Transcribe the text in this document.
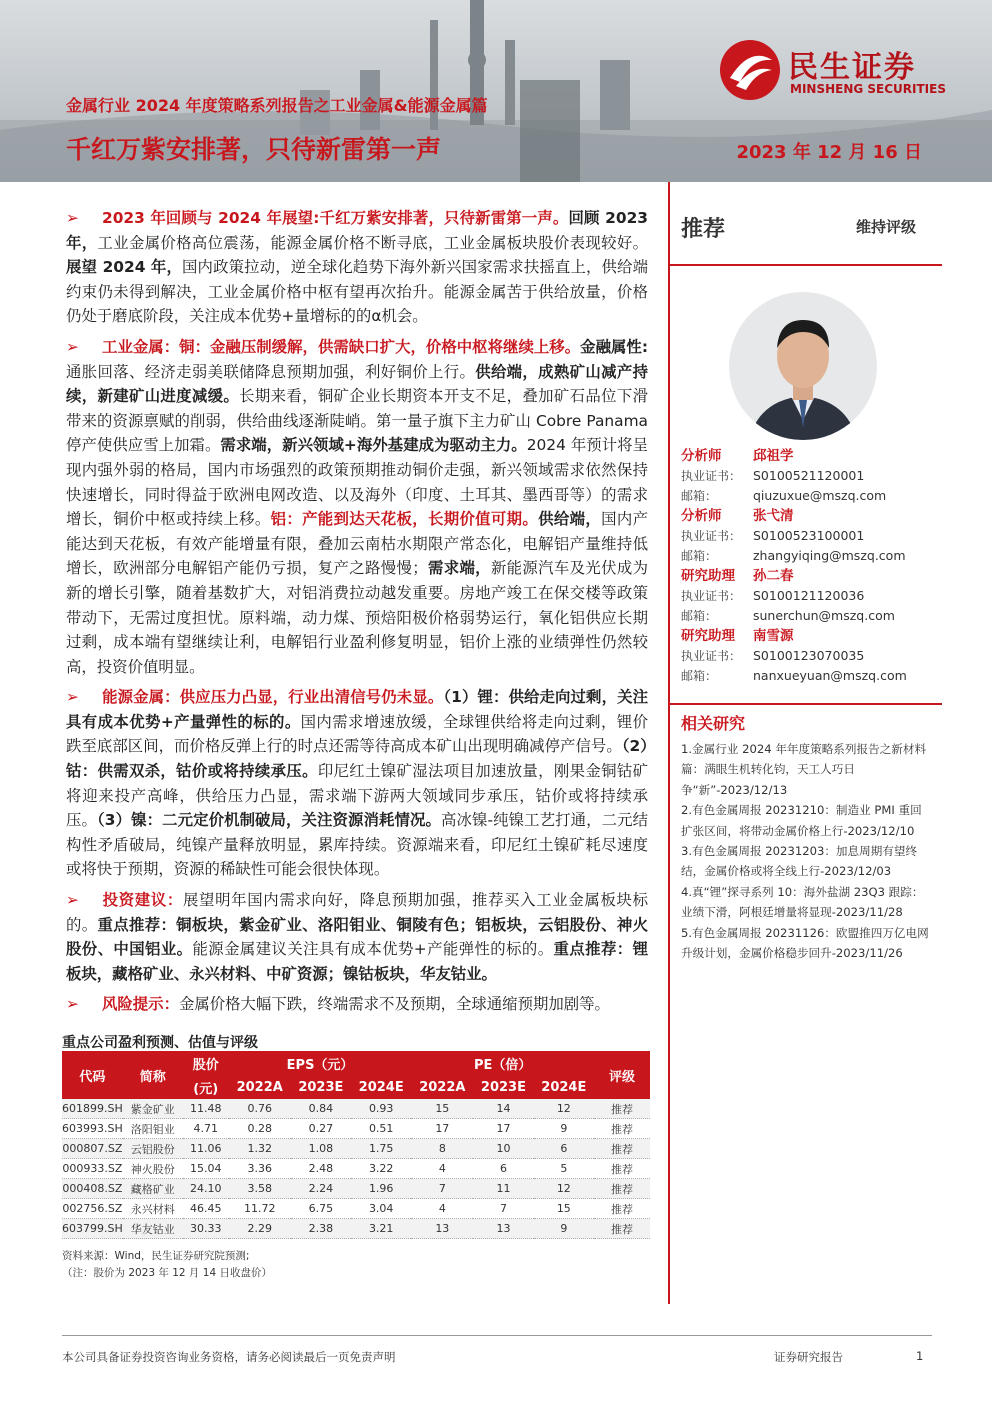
金属行业 2024 年度策略系列报告之工业金属&能源金属篇
千红万紫安排著，只待新雷第一声	2023 年 12 月 16 日
民生证券
MINSHENG SECURITIES

➢ 2023 年回顾与 2024 年展望:千红万紫安排著，只待新雷第一声。回顾 2023 年，工业金属价格高位震荡，能源金属价格不断寻底，工业金属板块股价表现较好。展望 2024 年，国内政策拉动，逆全球化趋势下海外新兴国家需求扶摇直上，供给端约束仍未得到解决，工业金属价格中枢有望再次抬升。能源金属苦于供给放量，价格仍处于磨底阶段，关注成本优势+量增标的的α机会。

➢ 工业金属：铜：金融压制缓解，供需缺口扩大，价格中枢将继续上移。金融属性:通胀回落、经济走弱美联储降息预期加强，利好铜价上行。供给端，成熟矿山减产持续，新建矿山进度减缓。长期来看，铜矿企业长期资本开支不足，叠加矿石品位下滑带来的资源禀赋的削弱，供给曲线逐渐陡峭。第一量子旗下主力矿山 Cobre Panama 停产使供应雪上加霜。需求端，新兴领域+海外基建成为驱动主力。2024 年预计将呈现内强外弱的格局，国内市场强烈的政策预期推动铜价走强，新兴领域需求依然保持快速增长，同时得益于欧洲电网改造、以及海外（印度、土耳其、墨西哥等）的需求增长，铜价中枢或持续上移。铝：产能到达天花板，长期价值可期。供给端，国内产能达到天花板，有效产能增量有限，叠加云南枯水期限产常态化，电解铝产量维持低增长，欧洲部分电解铝产能仍亏损，复产之路慢慢；需求端，新能源汽车及光伏成为新的增长引擎，随着基数扩大，对铝消费拉动越发重要。房地产竣工在保交楼等政策带动下，无需过度担忧。原料端，动力煤、预焙阳极价格弱势运行，氧化铝供应长期过剩，成本端有望继续让利，电解铝行业盈利修复明显，铝价上涨的业绩弹性仍然较高，投资价值明显。

➢ 能源金属：供应压力凸显，行业出清信号仍未显。（1）锂：供给走向过剩，关注具有成本优势+产量弹性的标的。国内需求增速放缓，全球锂供给将走向过剩，锂价跌至底部区间，而价格反弹上行的时点还需等待高成本矿山出现明确减停产信号。（2）钴：供需双杀，钴价或将持续承压。印尼红土镍矿湿法项目加速放量，刚果金铜钴矿将迎来投产高峰，供给压力凸显，需求端下游两大领域同步承压，钴价或将持续承压。（3）镍：二元定价机制破局，关注资源消耗情况。高冰镍-纯镍工艺打通，二元结构性矛盾破局，纯镍产量释放明显，累库持续。资源端来看，印尼红土镍矿耗尽速度或将快于预期，资源的稀缺性可能会很快体现。

➢ 投资建议：展望明年国内需求向好，降息预期加强，推荐买入工业金属板块标的。重点推荐：铜板块，紫金矿业、洛阳钼业、铜陵有色；铝板块，云铝股份、神火股份、中国铝业。能源金属建议关注具有成本优势+产能弹性的标的。重点推荐：锂板块，藏格矿业、永兴材料、中矿资源；镍钴板块，华友钴业。

➢ 风险提示：金属价格大幅下跌，终端需求不及预期，全球通缩预期加剧等。

重点公司盈利预测、估值与评级
代码	简称	股价	EPS（元）			PE（倍）			评级
		(元)	2022A	2023E	2024E	2022A	2023E	2024E	
601899.SH	紫金矿业	11.48	0.76	0.84	0.93	15	14	12	推荐
603993.SH	洛阳钼业	4.71	0.28	0.27	0.51	17	17	9	推荐
000807.SZ	云铝股份	11.06	1.32	1.08	1.75	8	10	6	推荐
000933.SZ	神火股份	15.04	3.36	2.48	3.22	4	6	5	推荐
000408.SZ	藏格矿业	24.10	3.58	2.24	1.96	7	11	12	推荐
002756.SZ	永兴材料	46.45	11.72	6.75	3.04	4	7	15	推荐
603799.SH	华友钴业	30.33	2.29	2.38	3.21	13	13	9	推荐
资料来源：Wind，民生证券研究院预测;
（注：股价为 2023 年 12 月 14 日收盘价）
推荐	维持评级
分析师 邱祖学
执业证书： S0100521120001
邮箱：	qiuzuxue@mszq.com
分析师 张弋清
执业证书： S0100523100001
邮箱：	zhangyiqing@mszq.com
研究助理 孙二春
执业证书： S0100121120036
邮箱：	sunerchun@mszq.com
研究助理 南雪源
执业证书： S0100123070035
邮箱：	nanxueyuan@mszq.com
相关研究

1.金属行业 2024 年年度策略系列报告之新材料篇：满眼生机转化钧，天工人巧日争“新”-2023/12/13

2.有色金属周报 20231210：制造业 PMI 重回扩张区间，将带动金属价格上行-2023/12/10

3.有色金属周报 20231203：加息周期有望终结，金属价格或将全线上行-2023/12/03

4.真“锂”探寻系列 10：海外盐湖 23Q3 跟踪：业绩下滑，阿根廷增量将显现-2023/11/28

5.有色金属周报 20231126：欧盟推四万亿电网升级计划，金属价格稳步回升-2023/11/26

本公司具备证券投资咨询业务资格，请务必阅读最后一页免责声明	证券研究报告	1
